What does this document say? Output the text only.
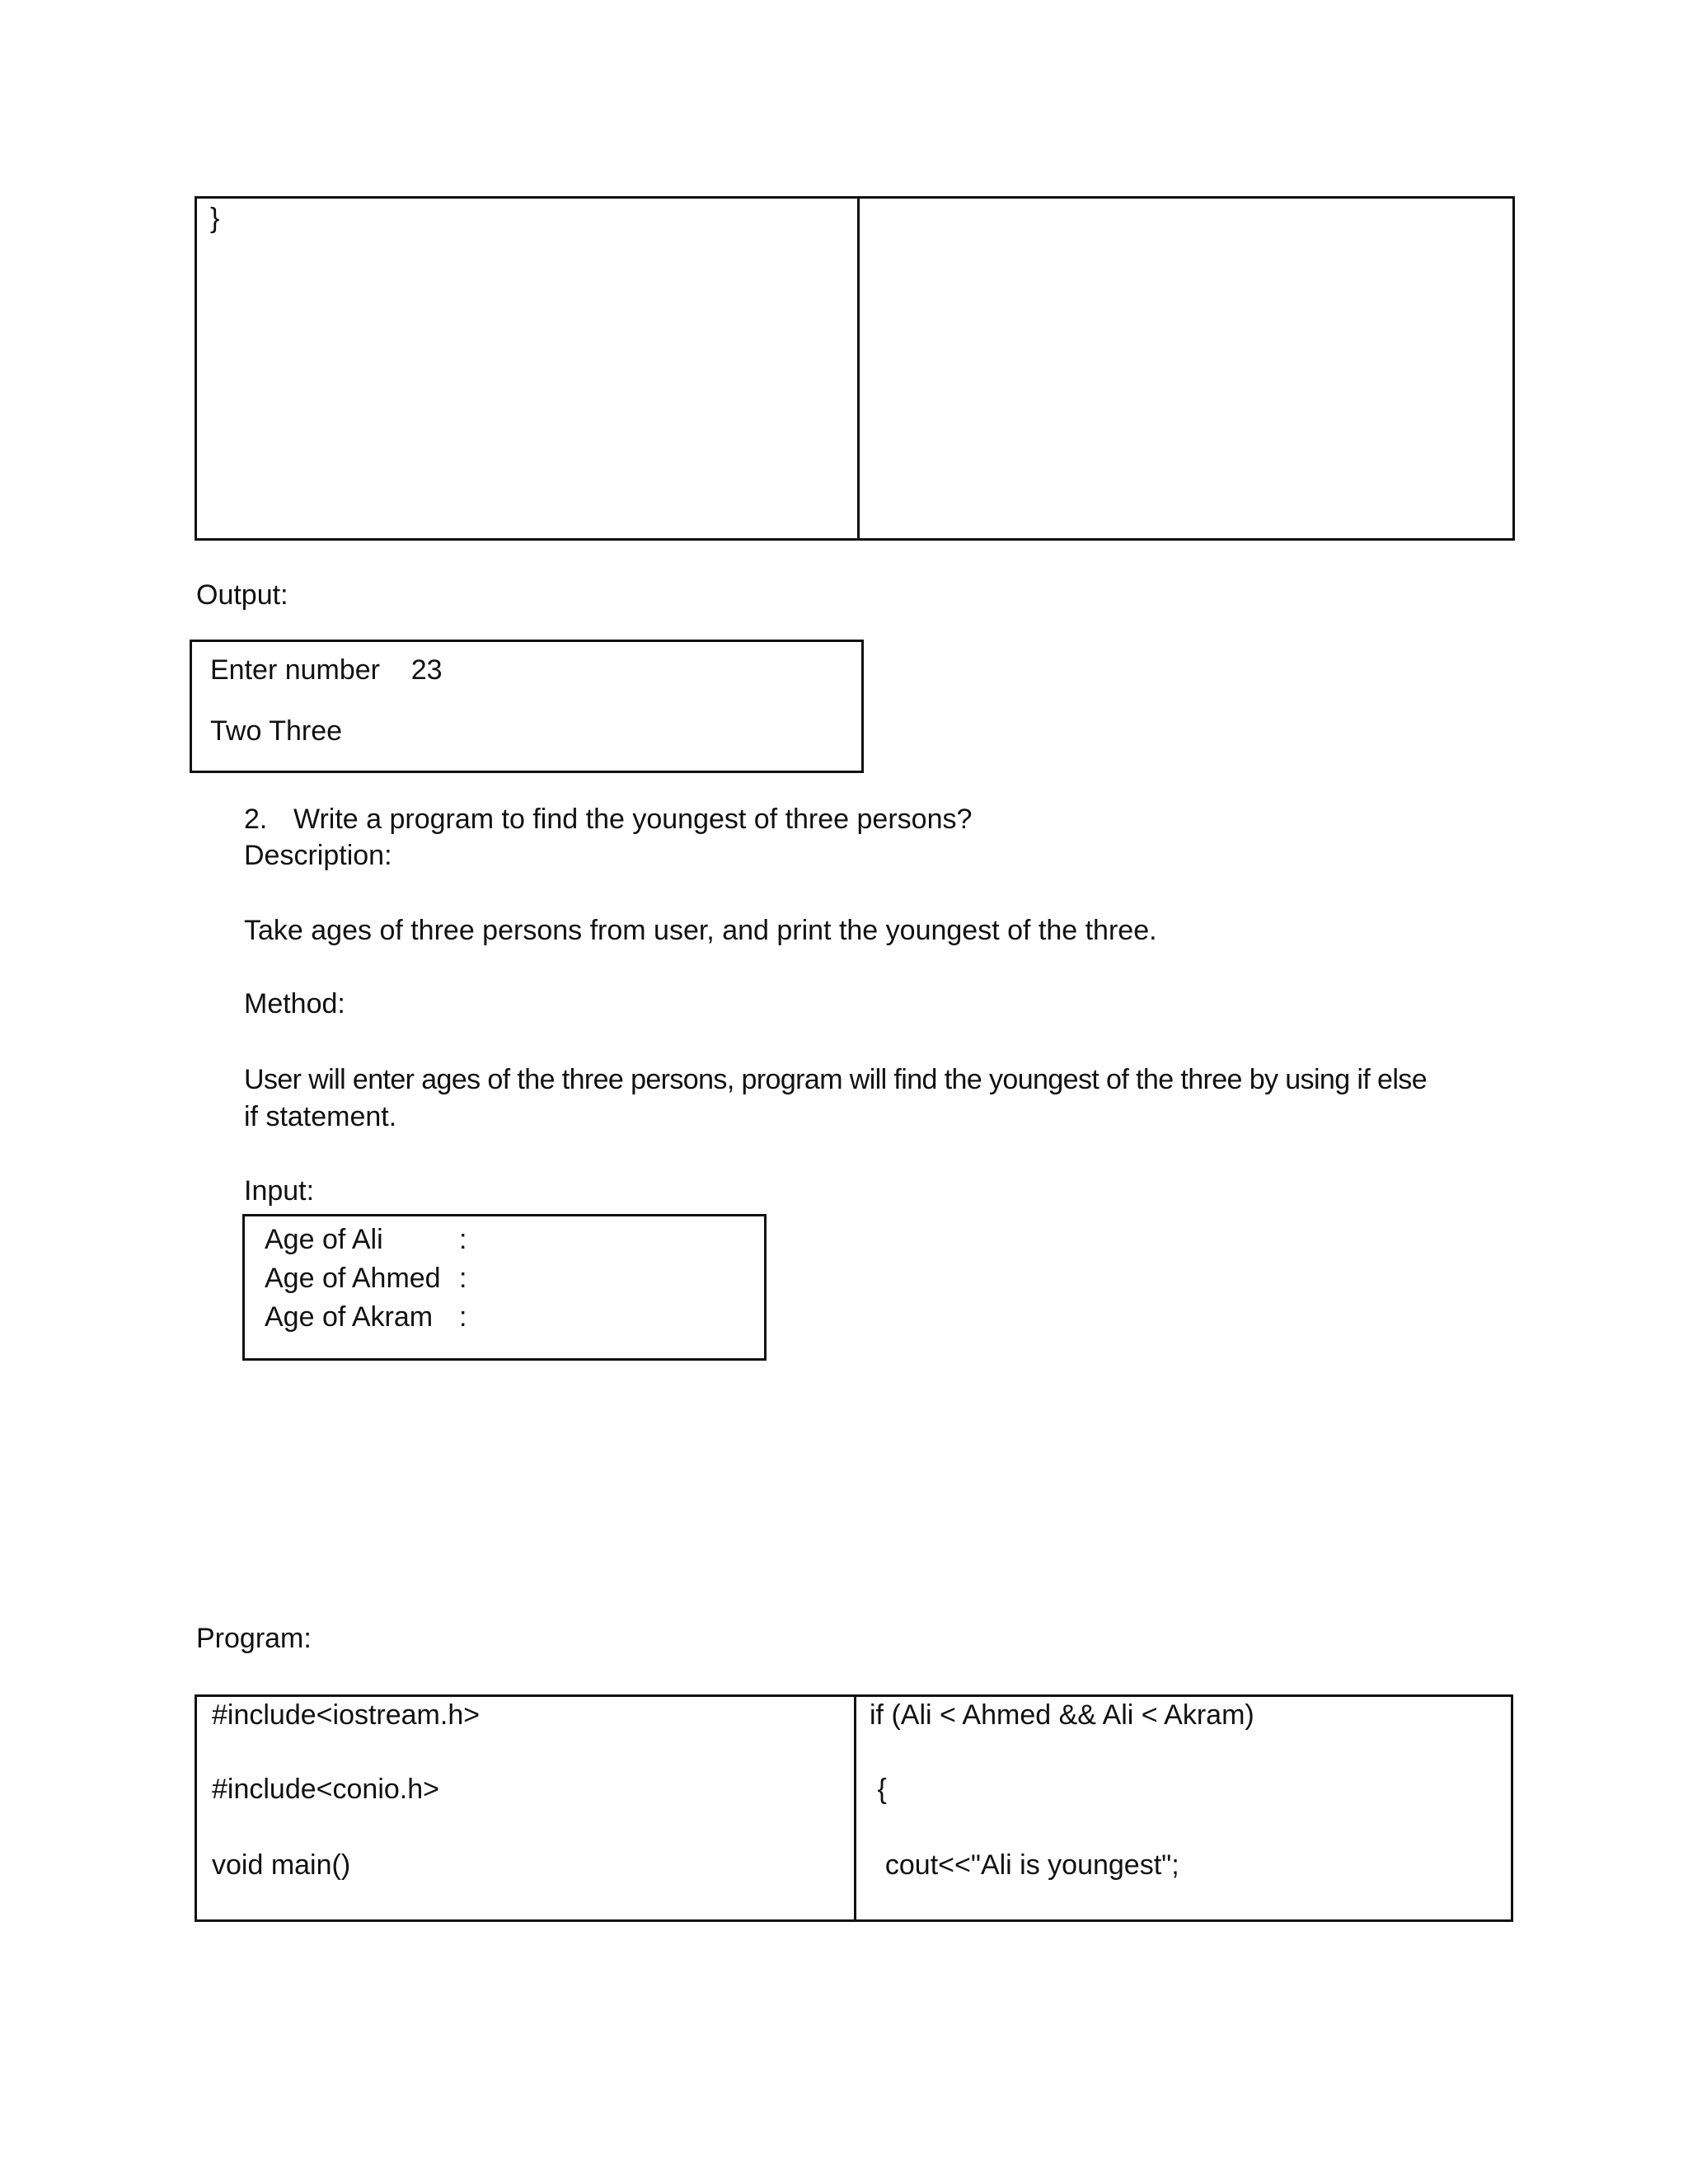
}
Output:
Enter number    23
Two Three
2. Write a program to find the youngest of three persons?
Description:
Take ages of three persons from user, and print the youngest of the three.
Method:
User will enter ages of the three persons, program will find the youngest of the three by using if else
if statement.
Input:
Age of Ali	:
Age of Ahmed :
Age of Akram :
Program:
#include<iostream.h>
#include<conio.h>
void main()
if (Ali < Ahmed && Ali < Akram)
{
cout<<"Ali is youngest";
